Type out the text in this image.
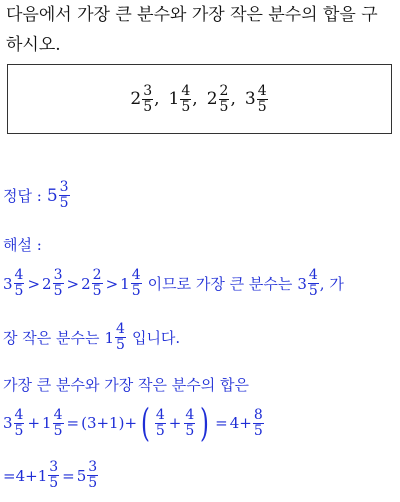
다음에서 가장 큰 분수와 가장 작은 분수의 합을 구
하시오.
$2 \frac{3}{5}$ , $1 \frac{4}{5}$ , $2 \frac{2}{5}$ , $3 \frac{4}{5}$
정답 : $5 \frac{3}{5}$
해설 :
$3 \frac{4}{5} > 2 \frac{3}{5} > 2 \frac{2}{5} > 1 \frac{4}{5}$ 이므로 가장 큰 분수는 $3 \frac{4}{5}$ , 가
장 작은 분수는 $1 \frac{4}{5}$ 입니다.
가장 큰 분수와 가장 작은 분수의 합은
$3 \frac{4}{5} + 1 \frac{4}{5} = (3+1)+$ ( $\frac{4}{5} + \frac{4}{5}$ ) = $4+ \frac{8}{5}$
$=4+ 1 \frac{3}{5} = 5 \frac{3}{5}$
